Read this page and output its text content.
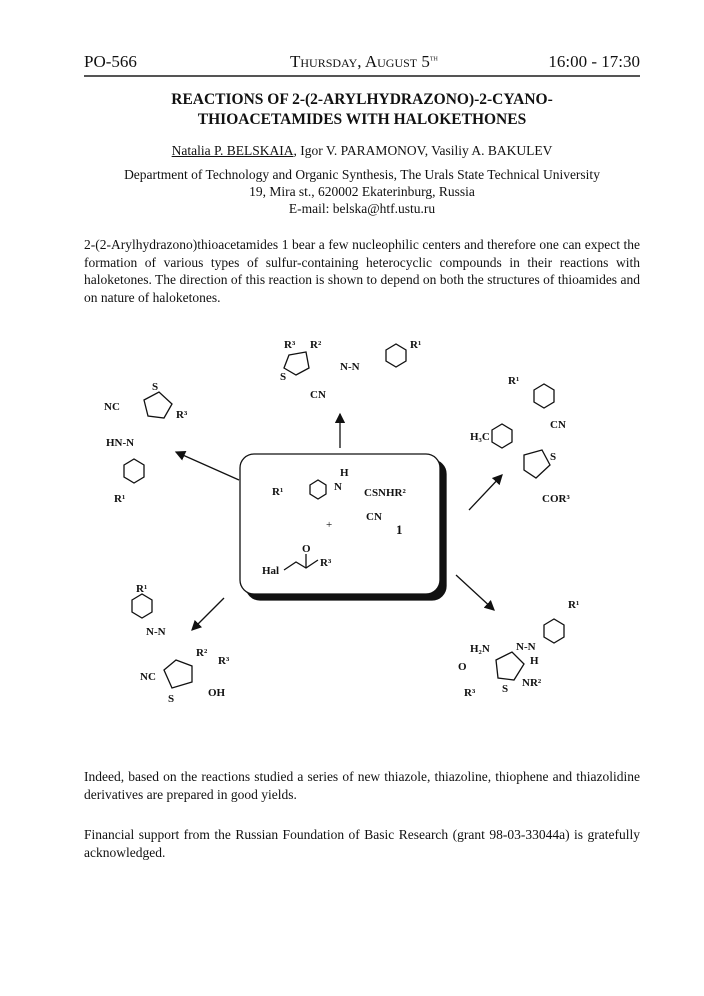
PO-566	Thursday, August 5th	16:00 - 17:30
REACTIONS OF 2-(2-ARYLHYDRAZONO)-2-CYANO-
THIOACETAMIDES WITH HALOKETHONES
Natalia P. BELSKAIA, Igor V. PARAMONOV, Vasiliy A. BAKULEV
Department of Technology and Organic Synthesis, The Urals State Technical University
19, Mira st., 620002 Ekaterinburg, Russia
E-mail: belska@htf.ustu.ru
2-(2-Arylhydrazono)thioacetamides 1 bear a few nucleophilic centers and therefore one can expect the formation of various types of sulfur-containing heterocyclic compounds in their reactions with haloketones. The direction of this reaction is shown to depend on both the structures of thioamides and on nature of haloketones.
R¹
H
N CSNHR²
CN
+	1
Hal
O
R³
R³ R²	R¹
S
N-N
CN
NC
S
R³
HN-N
R¹
R¹
H₃C
CN
S
COR³
R¹
N-N
R²
R³
NC
S	OH
R¹
H₂N N-N
H
O
S NR²
R³
Indeed, based on the reactions studied a series of new thiazole, thiazoline, thiophene and thiazolidine derivatives are prepared in good yields.
Financial support from the Russian Foundation of Basic Research (grant 98-03-33044a) is gratefully acknowledged.
